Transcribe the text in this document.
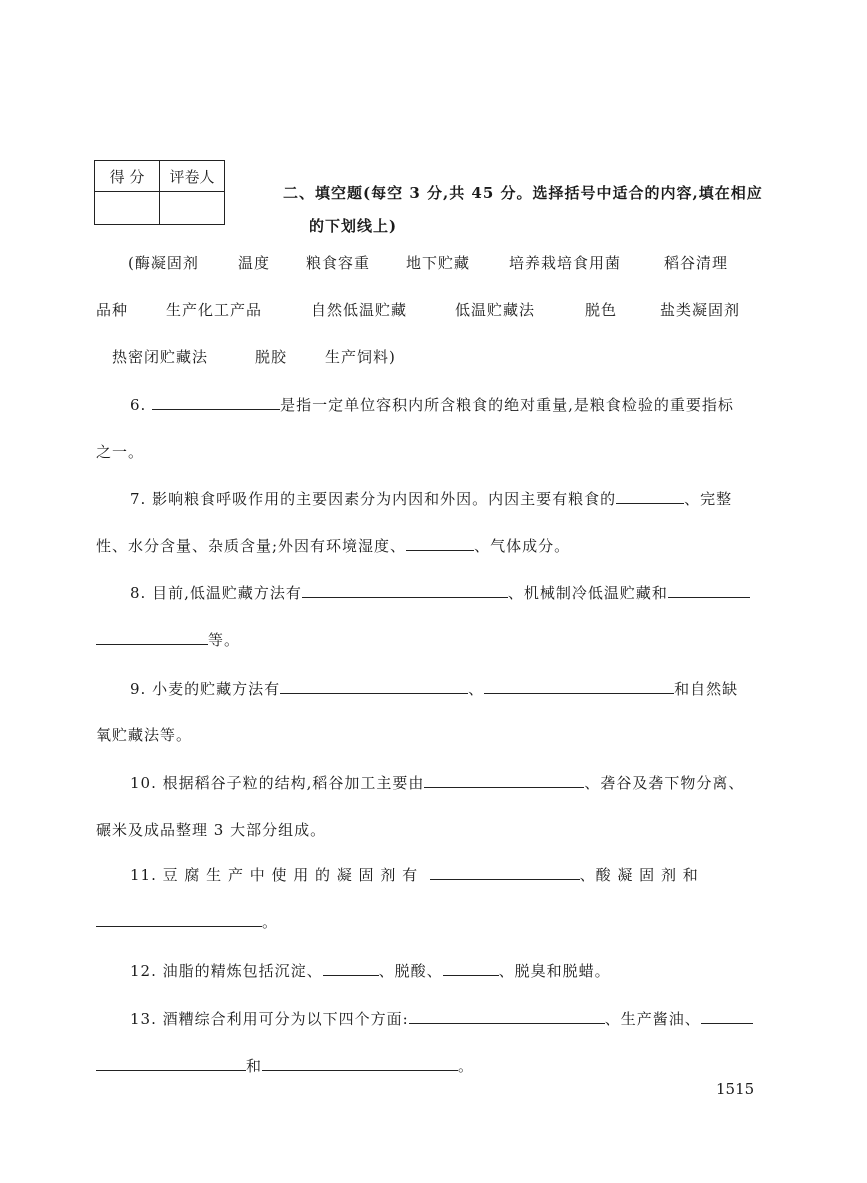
得 分	评卷人

二、填空题(每空 3 分,共 45 分。选择括号中适合的内容,填在相应
的下划线上)
(酶凝固剂	温度 粮食容重 地下贮藏	培养栽培食用菌	稻谷清理
品种	生产化工产品	自然低温贮藏	低温贮藏法	脱色	盐类凝固剂
热密闭贮藏法	脱胶	生产饲料)
6.	是指一定单位容积内所含粮食的绝对重量,是粮食检验的重要指标
之一。
7. 影响粮食呼吸作用的主要因素分为内因和外因。内因主要有粮食的	、完整
性、水分含量、杂质含量;外因有环境湿度、	、气体成分。
8. 目前,低温贮藏方法有	、机械制冷低温贮藏和
等。
9. 小麦的贮藏方法有	、	和自然缺
氧贮藏法等。
10. 根据稻谷子粒的结构,稻谷加工主要由	、砻谷及砻下物分离、
碾米及成品整理 3 大部分组成。
11. 豆 腐 生 产 中 使 用 的 凝 固 剂 有	、酸 凝 固 剂 和
。
12. 油脂的精炼包括沉淀、	、脱酸、	、脱臭和脱蜡。
13. 酒糟综合利用可分为以下四个方面:	、生产酱油、
和	。
1515
